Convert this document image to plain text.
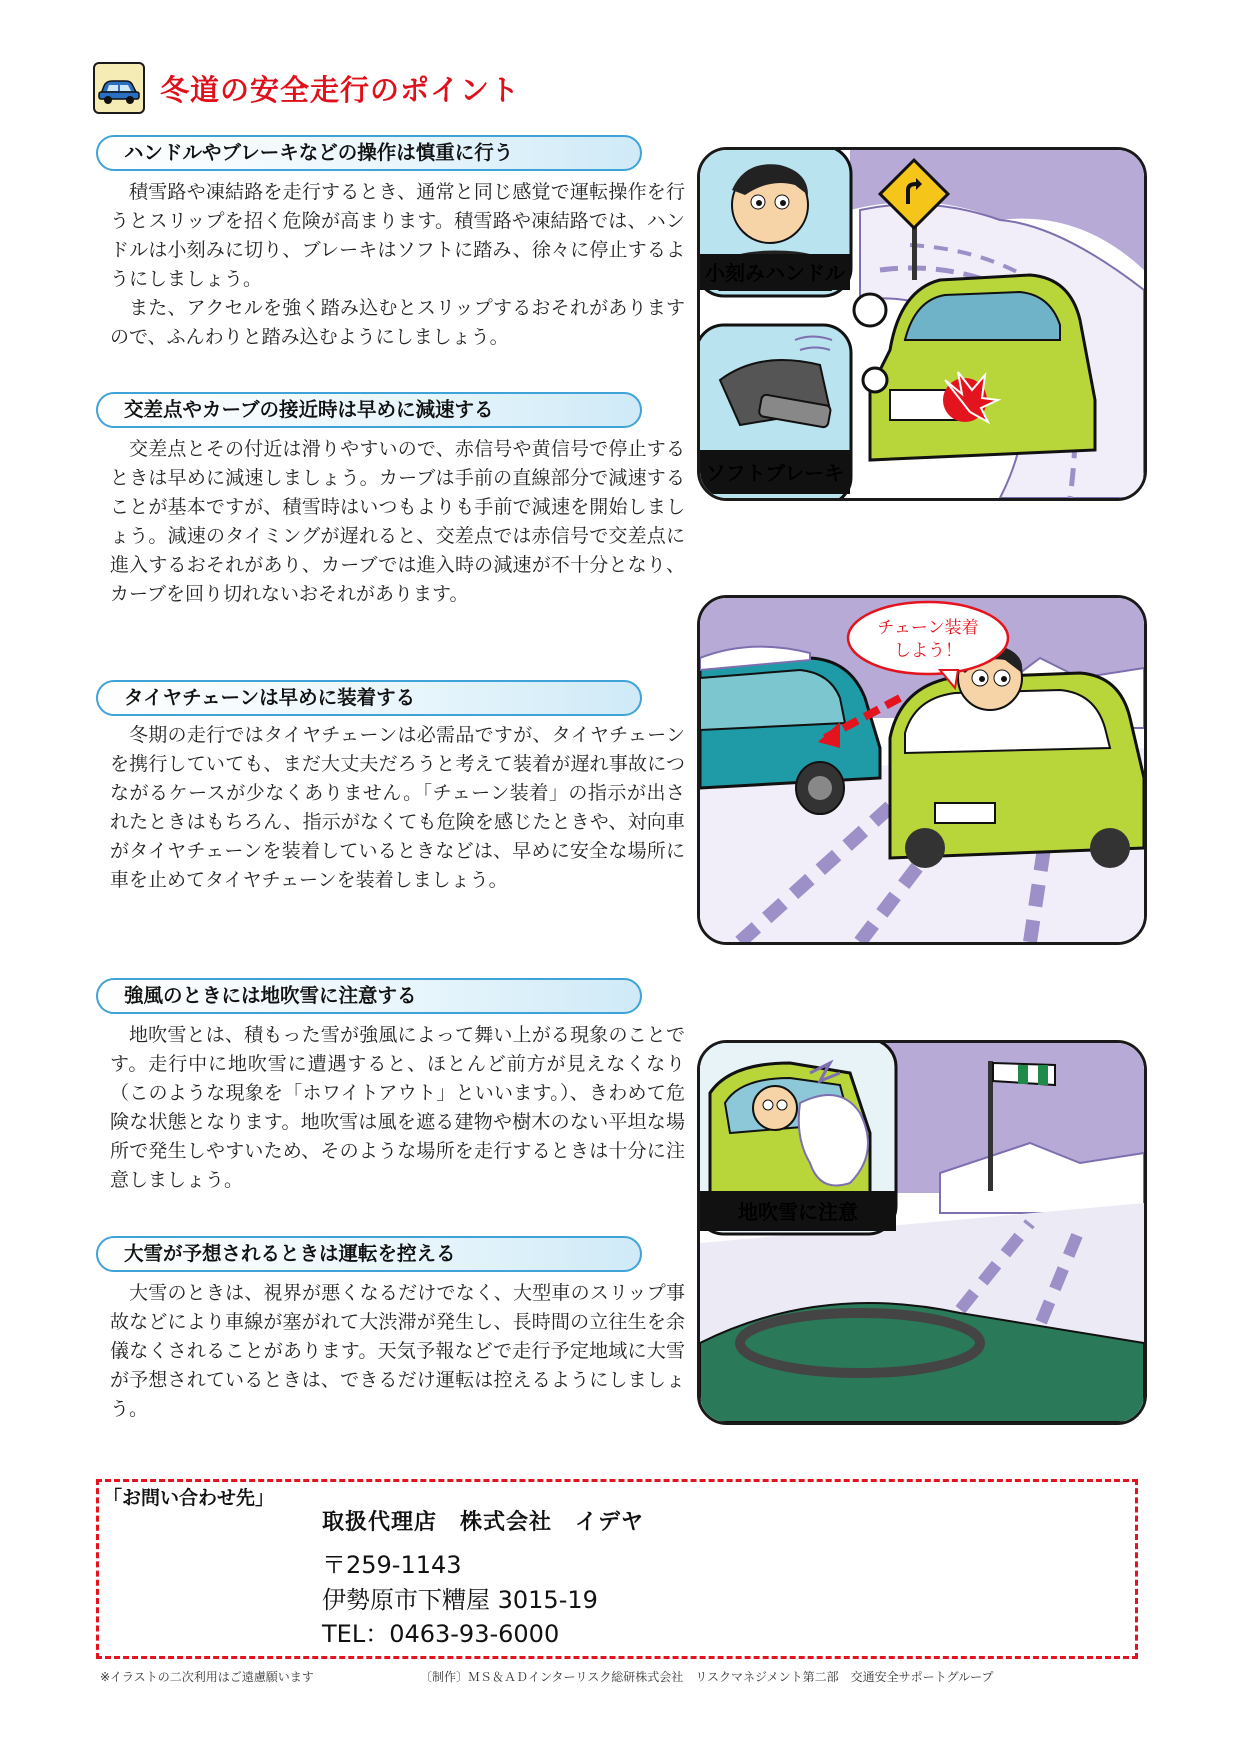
冬道の安全走行のポイント
ハンドルやブレーキなどの操作は慎重に行う

積雪路や凍結路を走行するとき、通常と同じ感覚で運転操作を行うとスリップを招く危険が高まります。積雪路や凍結路では、ハンドルは小刻みに切り、ブレーキはソフトに踏み、徐々に停止するようにしましょう。

また、アクセルを強く踏み込むとスリップするおそれがありますので、ふんわりと踏み込むようにしましょう。

交差点やカーブの接近時は早めに減速する

交差点とその付近は滑りやすいので、赤信号や黄信号で停止するときは早めに減速しましょう。カーブは手前の直線部分で減速することが基本ですが、積雪時はいつもよりも手前で減速を開始しましょう。減速のタイミングが遅れると、交差点では赤信号で交差点に進入するおそれがあり、カーブでは進入時の減速が不十分となり、カーブを回り切れないおそれがあります。

タイヤチェーンは早めに装着する

冬期の走行ではタイヤチェーンは必需品ですが、タイヤチェーンを携行していても、まだ大丈夫だろうと考えて装着が遅れ事故につながるケースが少なくありません。「チェーン装着」の指示が出されたときはもちろん、指示がなくても危険を感じたときや、対向車がタイヤチェーンを装着しているときなどは、早めに安全な場所に車を止めてタイヤチェーンを装着しましょう。

強風のときには地吹雪に注意する

地吹雪とは、積もった雪が強風によって舞い上がる現象のことです。走行中に地吹雪に遭遇すると、ほとんど前方が見えなくなり（このような現象を「ホワイトアウト」といいます。）、きわめて危険な状態となります。地吹雪は風を遮る建物や樹木のない平坦な場所で発生しやすいため、そのような場所を走行するときは十分に注意しましょう。

大雪が予想されるときは運転を控える

大雪のときは、視界が悪くなるだけでなく、大型車のスリップ事故などにより車線が塞がれて大渋滞が発生し、長時間の立往生を余儀なくされることがあります。天気予報などで走行予定地域に大雪が予想されているときは、できるだけ運転は控えるようにしましょう。

小刻みハンドル
ソフトブレーキ
チェーン装着
しよう！
地吹雪に注意
「お問い合わせ先」
取扱代理店　株式会社　イデヤ
〒259-1143
伊勢原市下糟屋 3015-19
TEL：0463-93-6000
※イラストの二次利用はご遠慮願います	〔制作〕ＭＳ＆ＡＤインターリスク総研株式会社　リスクマネジメント第二部　交通安全サポートグループ
